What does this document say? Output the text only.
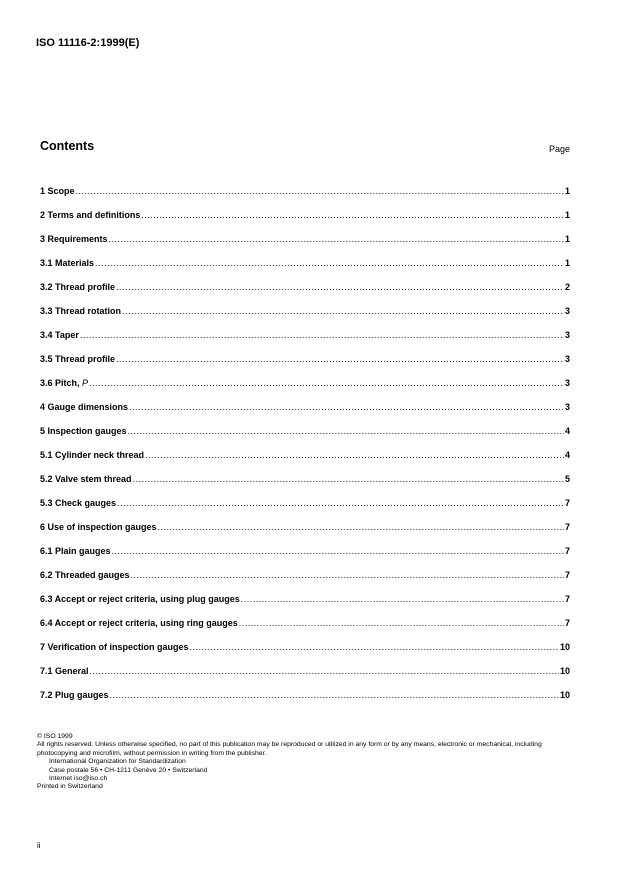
ISO 11116-2:1999(E)
Contents	Page
1 Scope .....	1
2 Terms and definitions .....	1
3 Requirements .....	1
3.1 Materials .....	1
3.2 Thread profile .....	2
3.3 Thread rotation .....	3
3.4 Taper .....	3
3.5 Thread profile .....	3
3.6 Pitch, P .....	3
4 Gauge dimensions .....	3
5 Inspection gauges .....	4
5.1 Cylinder neck thread .....	4
5.2 Valve stem thread .....	5
5.3 Check gauges .....	7
6 Use of inspection gauges .....	7
6.1 Plain gauges .....	7
6.2 Threaded gauges .....	7
6.3 Accept or reject criteria, using plug gauges .....	7
6.4 Accept or reject criteria, using ring gauges .....	7
7 Verification of inspection gauges .....	10
7.1 General .....	10
7.2 Plug gauges .....	10

© ISO 1999

All rights reserved. Unless otherwise specified, no part of this publication may be reproduced or utilized in any form or by any means, electronic or mechanical, including photocopying and microfilm, without permission in writing from the publisher.

International Organization for Standardization

Case postale 56 • CH-1211 Genève 20 • Switzerland

Internet iso@iso.ch

Printed in Switzerland

ii
